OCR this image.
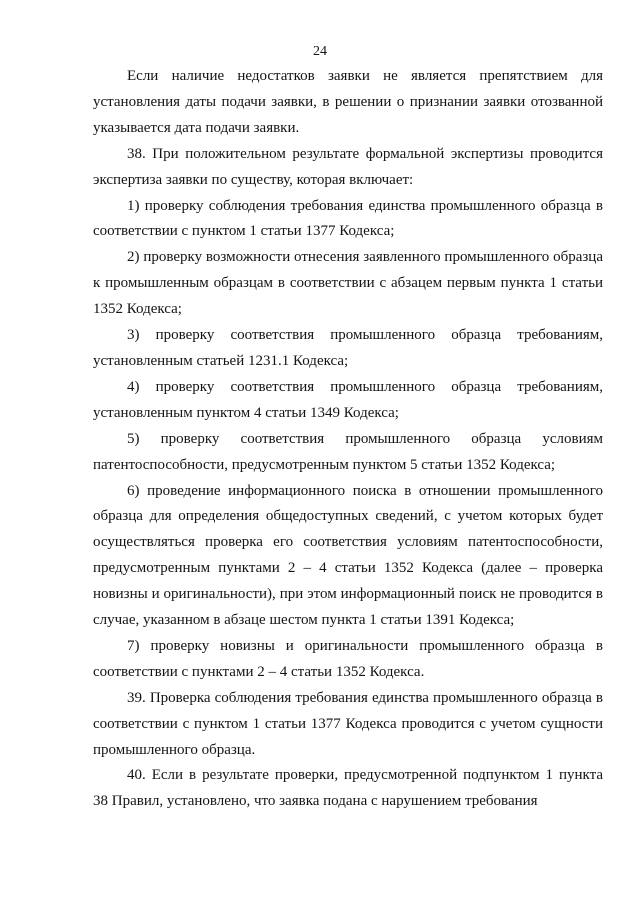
24

Если наличие недостатков заявки не является препятствием для установления даты подачи заявки, в решении о признании заявки отозванной указывается дата подачи заявки.

38. При положительном результате формальной экспертизы проводится экспертиза заявки по существу, которая включает:

1) проверку соблюдения требования единства промышленного образца в соответствии с пунктом 1 статьи 1377 Кодекса;

2) проверку возможности отнесения заявленного промышленного образца к промышленным образцам в соответствии с абзацем первым пункта 1 статьи 1352 Кодекса;

3) проверку соответствия промышленного образца требованиям, установленным статьей 1231.1 Кодекса;

4) проверку соответствия промышленного образца требованиям, установленным пунктом 4 статьи 1349 Кодекса;

5) проверку соответствия промышленного образца условиям патентоспособности, предусмотренным пунктом 5 статьи 1352 Кодекса;

6) проведение информационного поиска в отношении промышленного образца для определения общедоступных сведений, с учетом которых будет осуществляться проверка его соответствия условиям патентоспособности, предусмотренным пунктами 2 – 4 статьи 1352 Кодекса (далее – проверка новизны и оригинальности), при этом информационный поиск не проводится в случае, указанном в абзаце шестом пункта 1 статьи 1391 Кодекса;

7) проверку новизны и оригинальности промышленного образца в соответствии с пунктами 2 – 4 статьи 1352 Кодекса.

39. Проверка соблюдения требования единства промышленного образца в соответствии с пунктом 1 статьи 1377 Кодекса проводится с учетом сущности промышленного образца.

40. Если в результате проверки, предусмотренной подпунктом 1 пункта 38 Правил, установлено, что заявка подана с нарушением требования
